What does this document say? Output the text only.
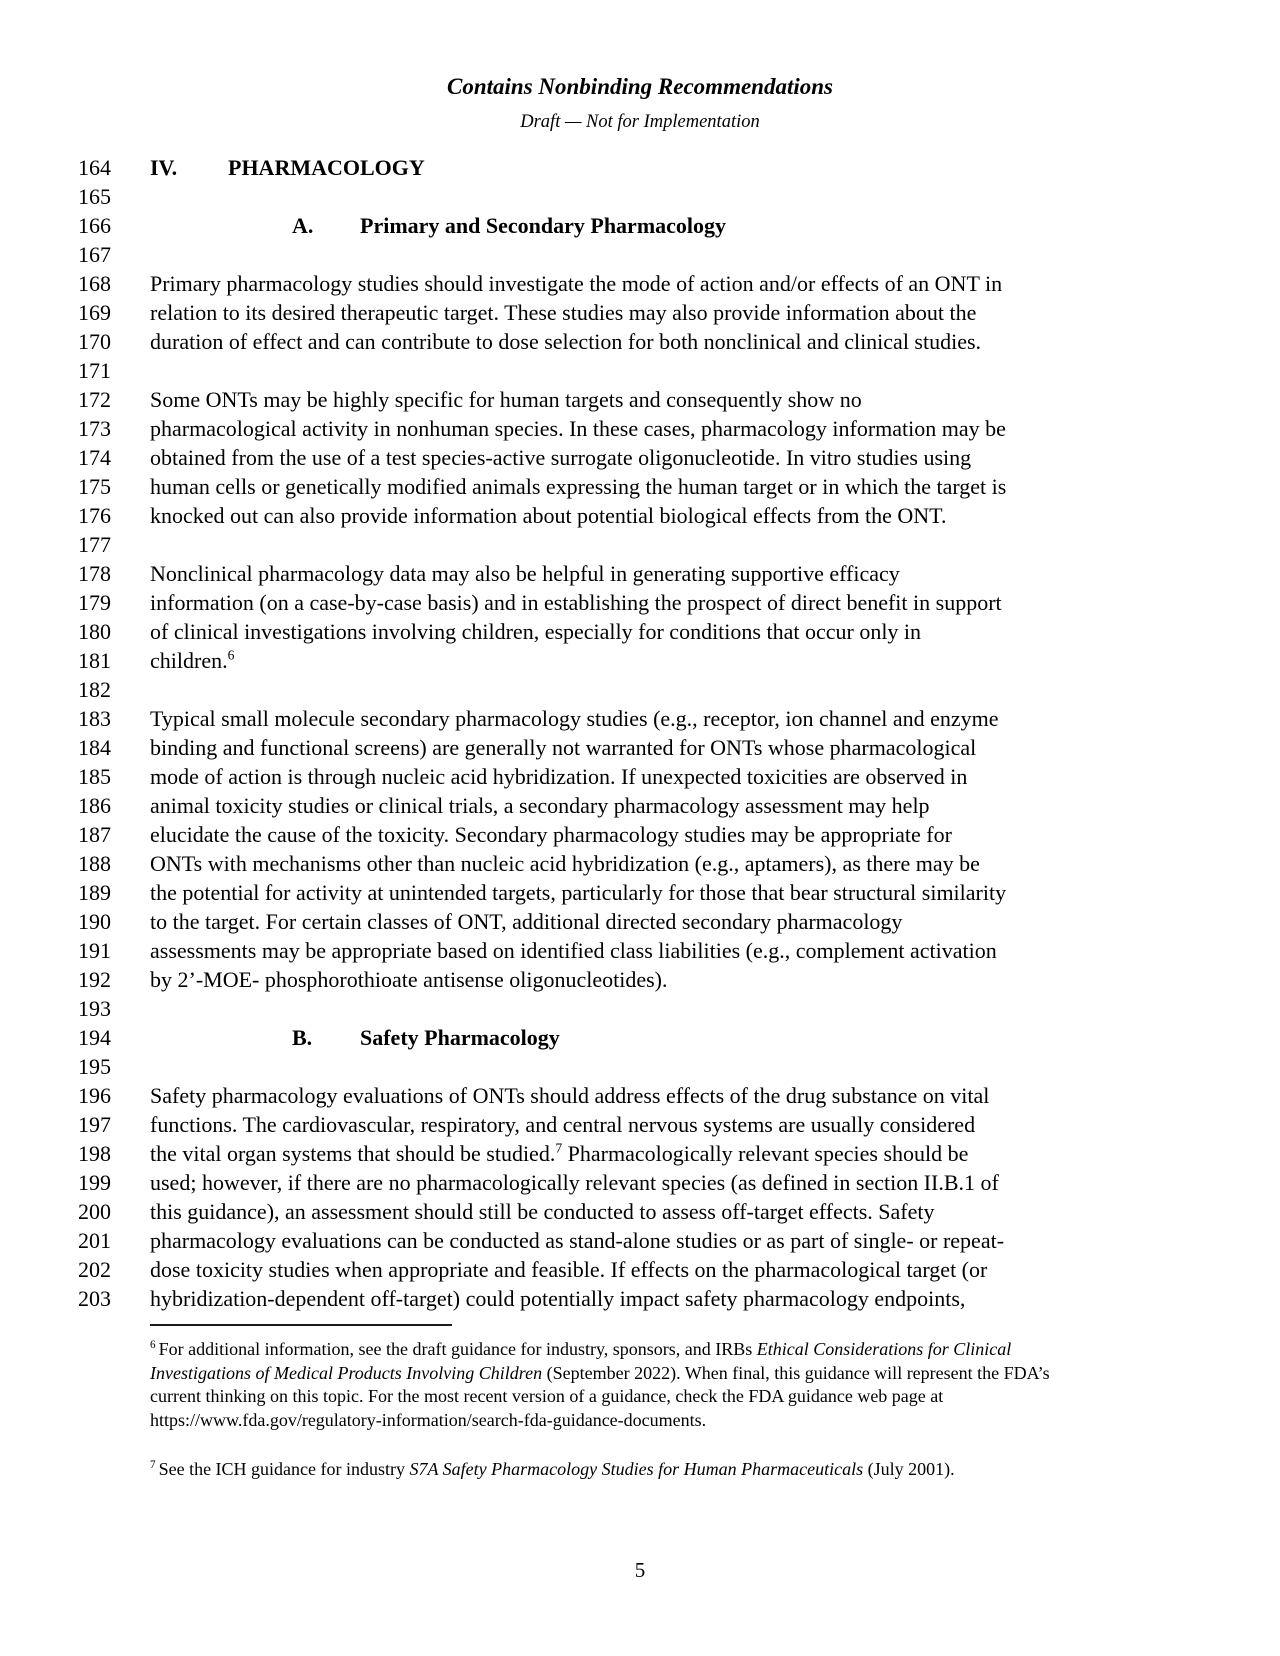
Contains Nonbinding Recommendations
Draft — Not for Implementation
164 IV. PHARMACOLOGY
165
166	A. Primary and Secondary Pharmacology
167
168 Primary pharmacology studies should investigate the mode of action and/or effects of an ONT in
169 relation to its desired therapeutic target. These studies may also provide information about the
170 duration of effect and can contribute to dose selection for both nonclinical and clinical studies.
171
172 Some ONTs may be highly specific for human targets and consequently show no
173 pharmacological activity in nonhuman species. In these cases, pharmacology information may be
174 obtained from the use of a test species-active surrogate oligonucleotide. In vitro studies using
175 human cells or genetically modified animals expressing the human target or in which the target is
176 knocked out can also provide information about potential biological effects from the ONT.
177
178 Nonclinical pharmacology data may also be helpful in generating supportive efficacy
179 information (on a case-by-case basis) and in establishing the prospect of direct benefit in support
180 of clinical investigations involving children, especially for conditions that occur only in
181 children.$^6$
182
183 Typical small molecule secondary pharmacology studies (e.g., receptor, ion channel and enzyme
184 binding and functional screens) are generally not warranted for ONTs whose pharmacological
185 mode of action is through nucleic acid hybridization. If unexpected toxicities are observed in
186 animal toxicity studies or clinical trials, a secondary pharmacology assessment may help
187 elucidate the cause of the toxicity. Secondary pharmacology studies may be appropriate for
188 ONTs with mechanisms other than nucleic acid hybridization (e.g., aptamers), as there may be
189 the potential for activity at unintended targets, particularly for those that bear structural similarity
190 to the target. For certain classes of ONT, additional directed secondary pharmacology
191 assessments may be appropriate based on identified class liabilities (e.g., complement activation
192 by 2’-MOE- phosphorothioate antisense oligonucleotides).
193
194	B. Safety Pharmacology
195
196 Safety pharmacology evaluations of ONTs should address effects of the drug substance on vital
197 functions. The cardiovascular, respiratory, and central nervous systems are usually considered
198 the vital organ systems that should be studied.$^7$ Pharmacologically relevant species should be
199 used; however, if there are no pharmacologically relevant species (as defined in section II.B.1 of
200 this guidance), an assessment should still be conducted to assess off-target effects. Safety
201 pharmacology evaluations can be conducted as stand-alone studies or as part of single- or repeat-
202 dose toxicity studies when appropriate and feasible. If effects on the pharmacological target (or
203 hybridization-dependent off-target) could potentially impact safety pharmacology endpoints,
$^6$ For additional information, see the draft guidance for industry, sponsors, and IRBs Ethical Considerations for Clinical Investigations of Medical Products Involving Children (September 2022). When final, this guidance will represent the FDA’s current thinking on this topic. For the most recent version of a guidance, check the FDA guidance web page at https://www.fda.gov/regulatory-information/search-fda-guidance-documents.
$^7$ See the ICH guidance for industry S7A Safety Pharmacology Studies for Human Pharmaceuticals (July 2001).
5
